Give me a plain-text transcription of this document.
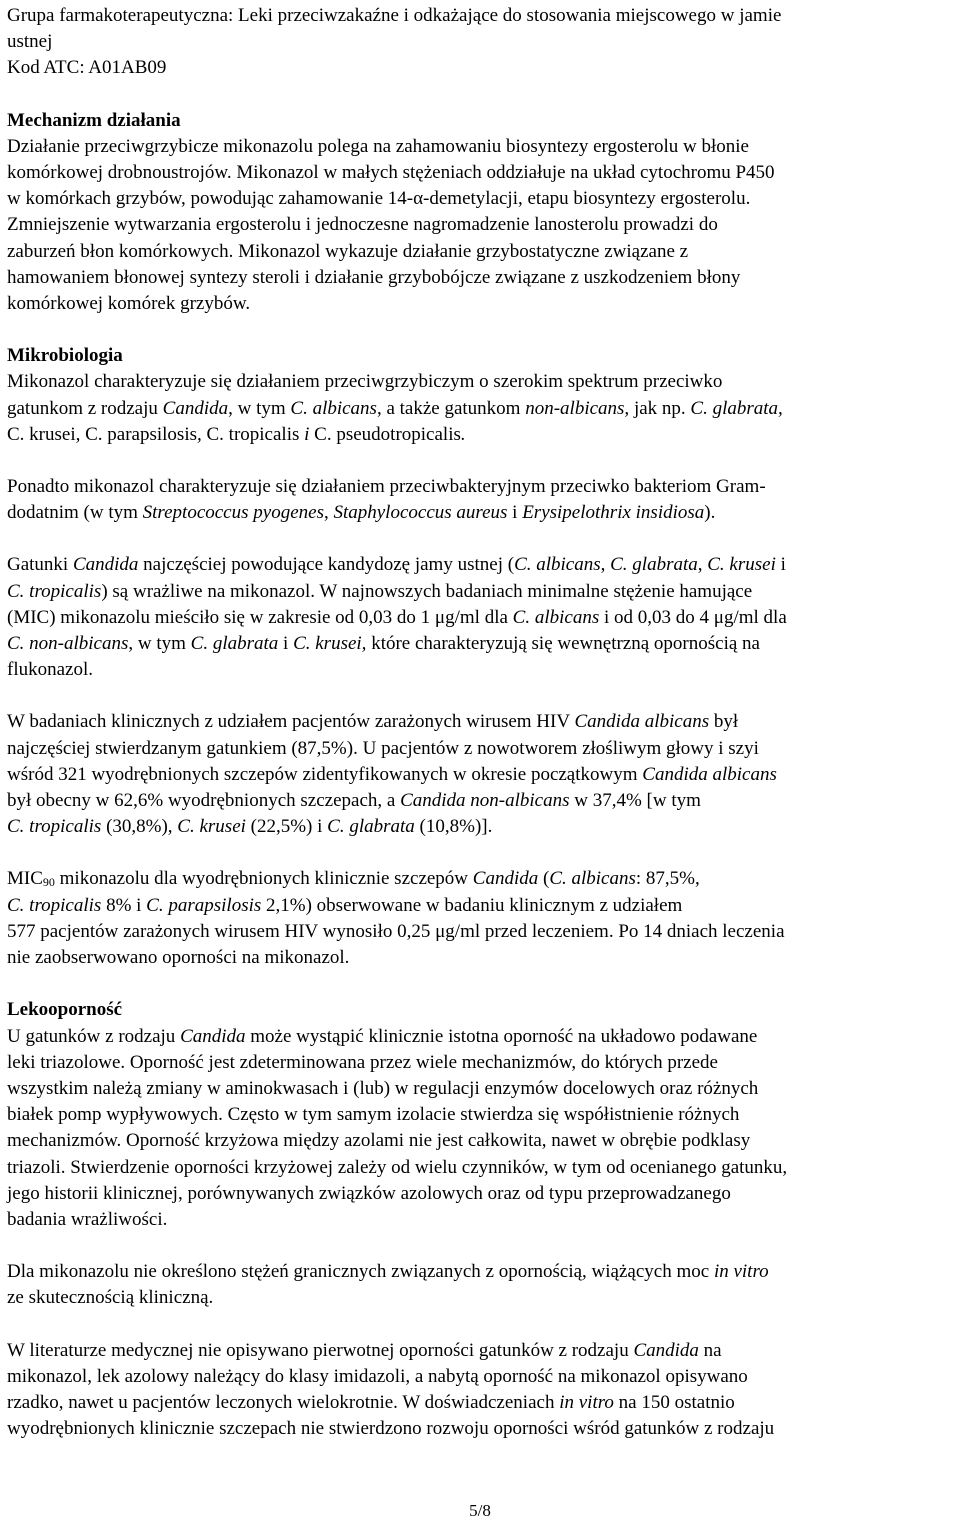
Grupa farmakoterapeutyczna: Leki przeciwzakaźne i odkażające do stosowania miejscowego w jamie
ustnej
Kod ATC: A01AB09
Mechanizm działania
Działanie przeciwgrzybicze mikonazolu polega na zahamowaniu biosyntezy ergosterolu w błonie
komórkowej drobnoustrojów. Mikonazol w małych stężeniach oddziałuje na układ cytochromu P450
w komórkach grzybów, powodując zahamowanie 14-α-demetylacji, etapu biosyntezy ergosterolu.
Zmniejszenie wytwarzania ergosterolu i jednoczesne nagromadzenie lanosterolu prowadzi do
zaburzeń błon komórkowych. Mikonazol wykazuje działanie grzybostatyczne związane z
hamowaniem błonowej syntezy steroli i działanie grzybobójcze związane z uszkodzeniem błony
komórkowej komórek grzybów.
Mikrobiologia
Mikonazol charakteryzuje się działaniem przeciwgrzybiczym o szerokim spektrum przeciwko
gatunkom z rodzaju Candida, w tym C. albicans, a także gatunkom non-albicans, jak np. C. glabrata,
C. krusei, C. parapsilosis, C. tropicalis i C. pseudotropicalis.
Ponadto mikonazol charakteryzuje się działaniem przeciwbakteryjnym przeciwko bakteriom Gram-
dodatnim (w tym Streptococcus pyogenes, Staphylococcus aureus i Erysipelothrix insidiosa).
Gatunki Candida najczęściej powodujące kandydozę jamy ustnej (C. albicans, C. glabrata, C. krusei i
C. tropicalis) są wrażliwe na mikonazol. W najnowszych badaniach minimalne stężenie hamujące
(MIC) mikonazolu mieściło się w zakresie od 0,03 do 1 μg/ml dla C. albicans i od 0,03 do 4 μg/ml dla
C. non-albicans, w tym C. glabrata i C. krusei, które charakteryzują się wewnętrzną opornością na
flukonazol.
W badaniach klinicznych z udziałem pacjentów zarażonych wirusem HIV Candida albicans był
najczęściej stwierdzanym gatunkiem (87,5%). U pacjentów z nowotworem złośliwym głowy i szyi
wśród 321 wyodrębnionych szczepów zidentyfikowanych w okresie początkowym Candida albicans
był obecny w 62,6% wyodrębnionych szczepach, a Candida non-albicans w 37,4% [w tym
C. tropicalis (30,8%), C. krusei (22,5%) i C. glabrata (10,8%)].
$MIC_{90}$ mikonazolu dla wyodrębnionych klinicznie szczepów Candida (C. albicans: 87,5%,
C. tropicalis 8% i C. parapsilosis 2,1%) obserwowane w badaniu klinicznym z udziałem
577 pacjentów zarażonych wirusem HIV wynosiło 0,25 μg/ml przed leczeniem. Po 14 dniach leczenia
nie zaobserwowano oporności na mikonazol.
Lekooporność
U gatunków z rodzaju Candida może wystąpić klinicznie istotna oporność na układowo podawane
leki triazolowe. Oporność jest zdeterminowana przez wiele mechanizmów, do których przede
wszystkim należą zmiany w aminokwasach i (lub) w regulacji enzymów docelowych oraz różnych
białek pomp wypływowych. Często w tym samym izolacie stwierdza się współistnienie różnych
mechanizmów. Oporność krzyżowa między azolami nie jest całkowita, nawet w obrębie podklasy
triazoli. Stwierdzenie oporności krzyżowej zależy od wielu czynników, w tym od ocenianego gatunku,
jego historii klinicznej, porównywanych związków azolowych oraz od typu przeprowadzanego
badania wrażliwości.
Dla mikonazolu nie określono stężeń granicznych związanych z opornością, wiążących moc in vitro
ze skutecznością kliniczną.
W literaturze medycznej nie opisywano pierwotnej oporności gatunków z rodzaju Candida na
mikonazol, lek azolowy należący do klasy imidazoli, a nabytą oporność na mikonazol opisywano
rzadko, nawet u pacjentów leczonych wielokrotnie. W doświadczeniach in vitro na 150 ostatnio
wyodrębnionych klinicznie szczepach nie stwierdzono rozwoju oporności wśród gatunków z rodzaju
5/8
